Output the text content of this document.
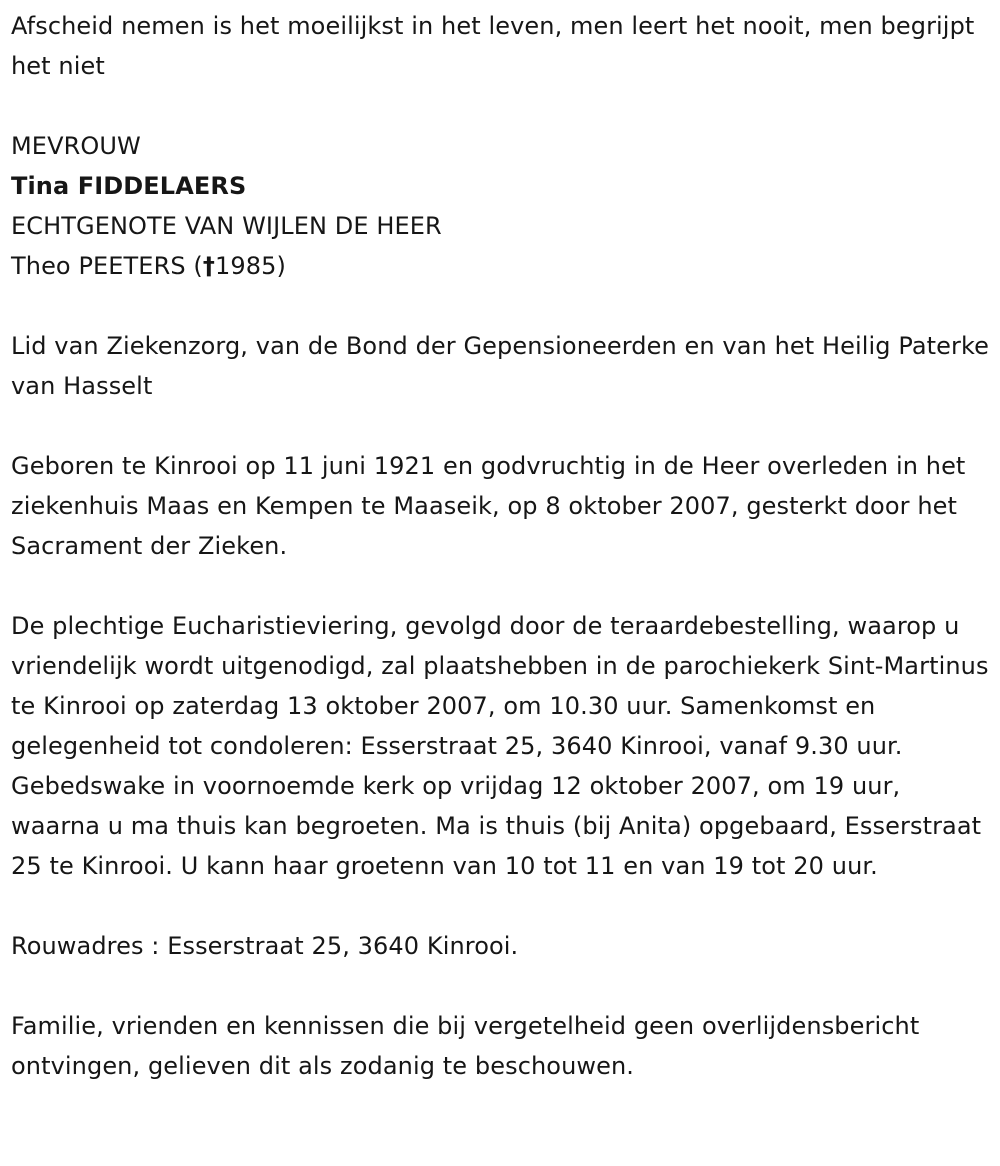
Afscheid nemen is het moeilijkst in het leven, men leert het nooit, men begrijpt het niet

MEVROUW
Tina FIDDELAERS
ECHTGENOTE VAN WIJLEN DE HEER
Theo PEETERS (†1985)

Lid van Ziekenzorg, van de Bond der Gepensioneerden en van het Heilig Paterke van Hasselt

Geboren te Kinrooi op 11 juni 1921 en godvruchtig in de Heer overleden in het ziekenhuis Maas en Kempen te Maaseik, op 8 oktober 2007, gesterkt door het Sacrament der Zieken.

De plechtige Eucharistieviering, gevolgd door de teraardebestelling, waarop u vriendelijk wordt uitgenodigd, zal plaatshebben in de parochiekerk Sint-Martinus te Kinrooi op zaterdag 13 oktober 2007, om 10.30 uur. Samenkomst en gelegenheid tot condoleren: Esserstraat 25, 3640 Kinrooi, vanaf 9.30 uur. Gebedswake in voornoemde kerk op vrijdag 12 oktober 2007, om 19 uur, waarna u ma thuis kan begroeten. Ma is thuis (bij Anita) opgebaard, Esserstraat 25 te Kinrooi. U kann haar groetenn van 10 tot 11 en van 19 tot 20 uur.

Rouwadres : Esserstraat 25, 3640 Kinrooi.

Familie, vrienden en kennissen die bij vergetelheid geen overlijdensbericht ontvingen, gelieven dit als zodanig te beschouwen.
